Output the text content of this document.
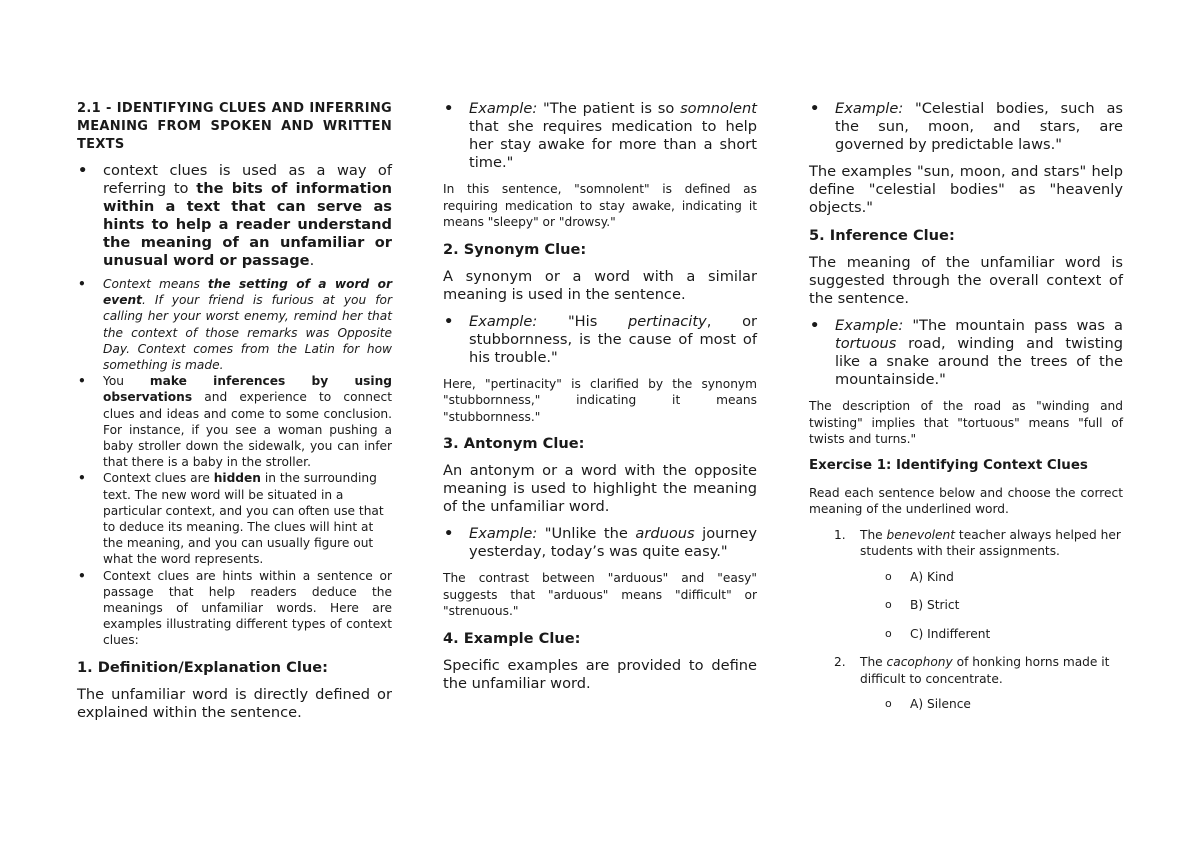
2.1 - IDENTIFYING CLUES AND INFERRING MEANING FROM SPOKEN AND WRITTEN TEXTS
• context clues is used as a way of referring to the bits of information within a text that can serve as hints to help a reader understand the meaning of an unfamiliar or unusual word or passage.
• Context means the setting of a word or event. If your friend is furious at you for calling her your worst enemy, remind her that the context of those remarks was Opposite Day. Context comes from the Latin for how something is made.
• You make inferences by using observations and experience to connect clues and ideas and come to some conclusion. For instance, if you see a woman pushing a baby stroller down the sidewalk, you can infer that there is a baby in the stroller.
• Context clues are hidden in the surrounding text. The new word will be situated in a particular context, and you can often use that to deduce its meaning. The clues will hint at the meaning, and you can usually figure out what the word represents.
• Context clues are hints within a sentence or passage that help readers deduce the meanings of unfamiliar words. Here are examples illustrating different types of context clues:
1. Definition/Explanation Clue:

The unfamiliar word is directly defined or explained within the sentence.

• Example: "The patient is so somnolent that she requires medication to help her stay awake for more than a short time."

In this sentence, "somnolent" is defined as requiring medication to stay awake, indicating it means "sleepy" or "drowsy."

2. Synonym Clue:

A synonym or a word with a similar meaning is used in the sentence.

• Example: "His pertinacity, or stubbornness, is the cause of most of his trouble."

Here, "pertinacity" is clarified by the synonym "stubbornness," indicating it means "stubbornness."

3. Antonym Clue:

An antonym or a word with the opposite meaning is used to highlight the meaning of the unfamiliar word.

• Example: "Unlike the arduous journey yesterday, today’s was quite easy."

The contrast between "arduous" and "easy" suggests that "arduous" means "difficult" or "strenuous."

4. Example Clue:

Specific examples are provided to define the unfamiliar word.

• Example: "Celestial bodies, such as the sun, moon, and stars, are governed by predictable laws."

The examples "sun, moon, and stars" help define "celestial bodies" as "heavenly objects."

5. Inference Clue:

The meaning of the unfamiliar word is suggested through the overall context of the sentence.

• Example: "The mountain pass was a tortuous road, winding and twisting like a snake around the trees of the mountainside."

The description of the road as "winding and twisting" implies that "tortuous" means "full of twists and turns."

Exercise 1: Identifying Context Clues

Read each sentence below and choose the correct meaning of the underlined word.

1. The benevolent teacher always helped her students with their assignments.
o A) Kind
o B) Strict
o C) Indifferent
2. The cacophony of honking horns made it difficult to concentrate.
o A) Silence
